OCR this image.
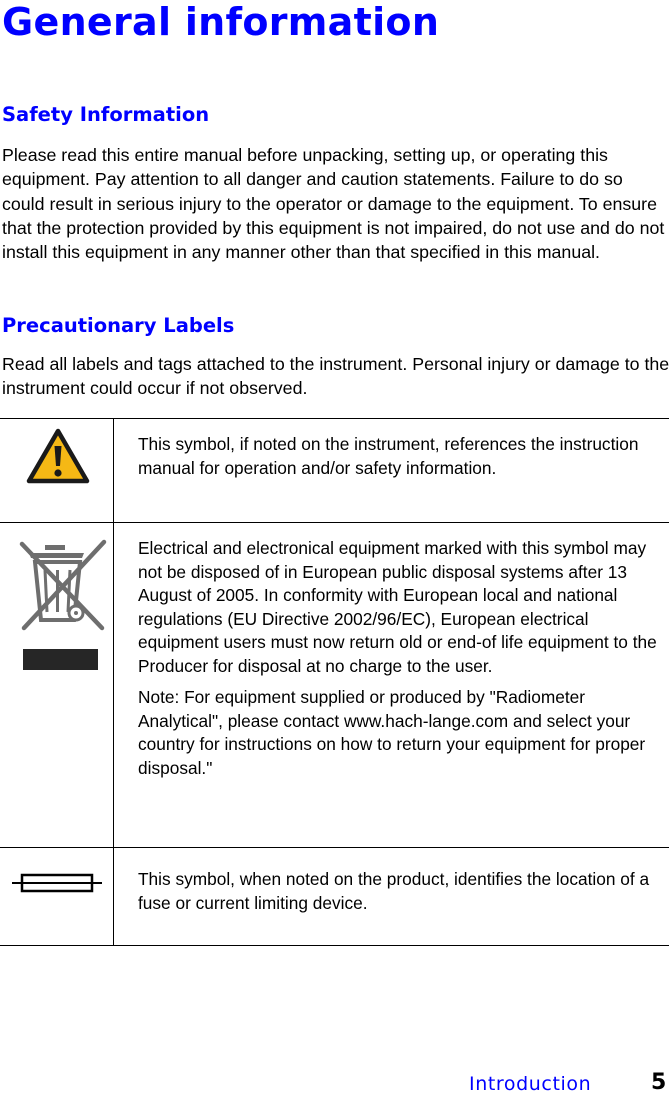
General information
Safety Information

Please read this entire manual before unpacking, setting up, or operating this equipment. Pay attention to all danger and caution statements. Failure to do so could result in serious injury to the operator or damage to the equipment. To ensure that the protection provided by this equipment is not impaired, do not use and do not install this equipment in any manner other than that specified in this manual.

Precautionary Labels

Read all labels and tags attached to the instrument. Personal injury or damage to the instrument could occur if not observed.

This symbol, if noted on the instrument, references the instruction manual for operation and/or safety information.

Electrical and electronical equipment marked with this symbol may not be disposed of in European public disposal systems after 13 August of 2005. In conformity with European local and national regulations (EU Directive 2002/96/EC), European electrical equipment users must now return old or end-of life equipment to the Producer for disposal at no charge to the user.

Note: For equipment supplied or produced by "Radiometer Analytical", please contact www.hach-lange.com and select your country for instructions on how to return your equipment for proper disposal."

This symbol, when noted on the product, identifies the location of a fuse or current limiting device.

Introduction	5
